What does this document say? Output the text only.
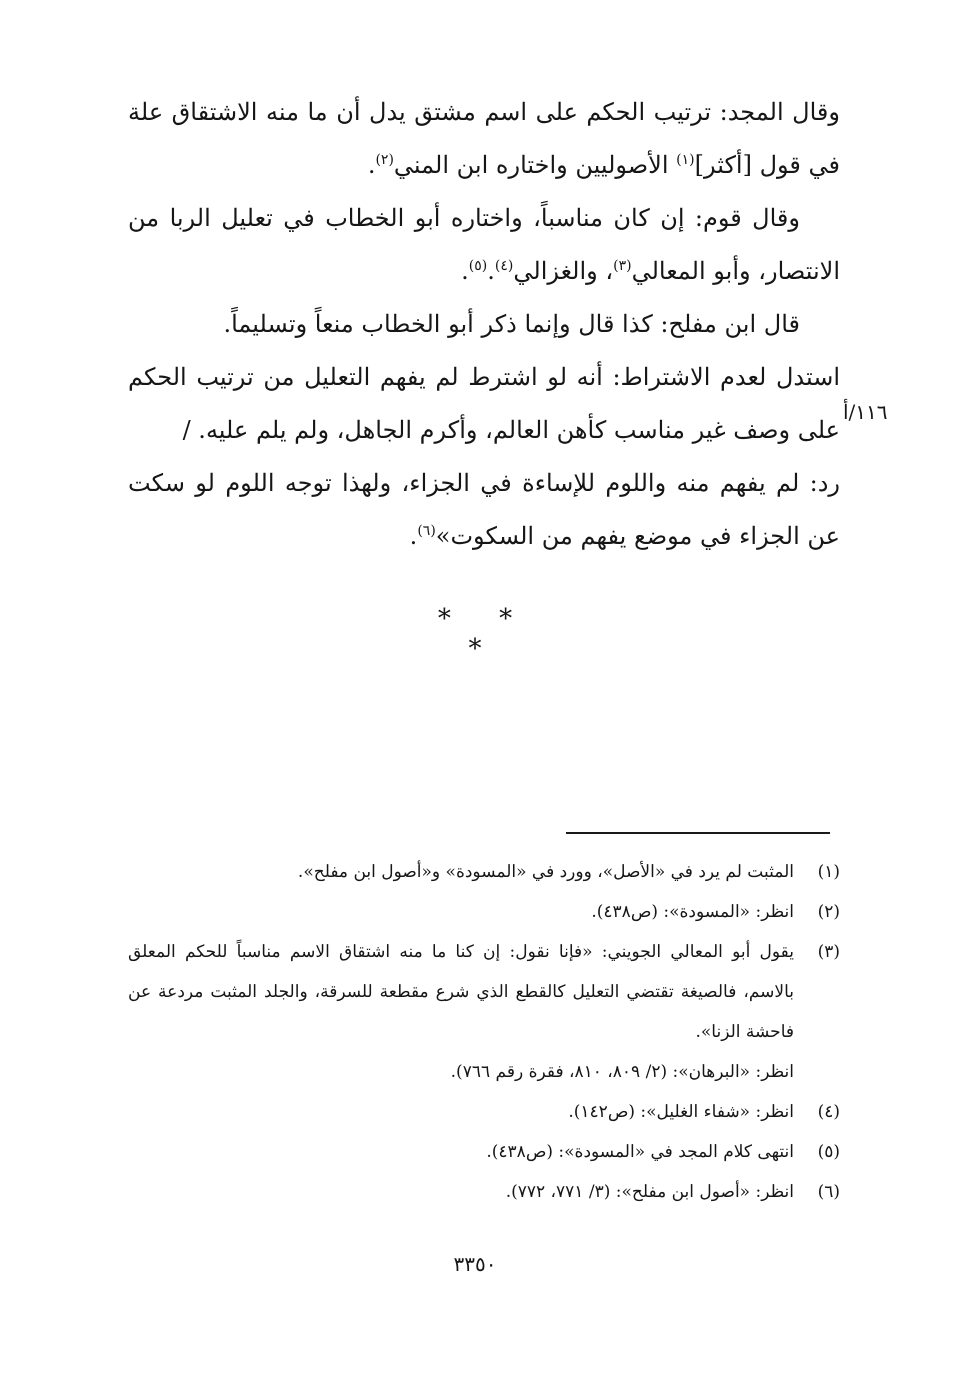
وقال المجد: ترتيب الحكم على اسم مشتق يدل أن ما منه الاشتقاق علة في قول [أكثر]$^{(١)}$ الأصوليين واختاره ابن المني$^{(٢)}$.

وقال قوم: إن كان مناسباً، واختاره أبو الخطاب في تعليل الربا من الانتصار، وأبو المعالي$^{(٣)}$، والغزالي$^{(٤)}$.$^{(٥)}$.

قال ابن مفلح: كذا قال وإنما ذكر أبو الخطاب منعاً وتسليماً.

استدل لعدم الاشتراط: أنه لو اشترط لم يفهم التعليل من ترتيب الحكم على وصف غير مناسب كأهن العالم، وأكرم الجاهل، ولم يلم عليه. /

رد: لم يفهم منه واللوم للإساءة في الجزاء، ولهذا توجه اللوم لو سكت عن الجزاء في موضع يفهم من السكوت»$^{(٦)}$.

١١٦/أ
* * *
(١)
المثبت لم يرد في «الأصل»، وورد في «المسودة» و«أصول ابن مفلح».
(٢)
انظر: «المسودة»: (ص٤٣٨).
(٣)
يقول أبو المعالي الجويني: «فإنا نقول: إن كنا ما منه اشتقاق الاسم مناسباً للحكم المعلق بالاسم، فالصيغة تقتضي التعليل كالقطع الذي شرع مقطعة للسرقة، والجلد المثبت مردعة عن فاحشة الزنا».
انظر: «البرهان»: (٢/ ٨٠٩، ٨١٠، فقرة رقم ٧٦٦).
(٤)
انظر: «شفاء الغليل»: (ص١٤٢).
(٥)
انتهى كلام المجد في «المسودة»: (ص٤٣٨).
(٦)
انظر: «أصول ابن مفلح»: (٣/ ٧٧١، ٧٧٢).
٣٣٥٠
